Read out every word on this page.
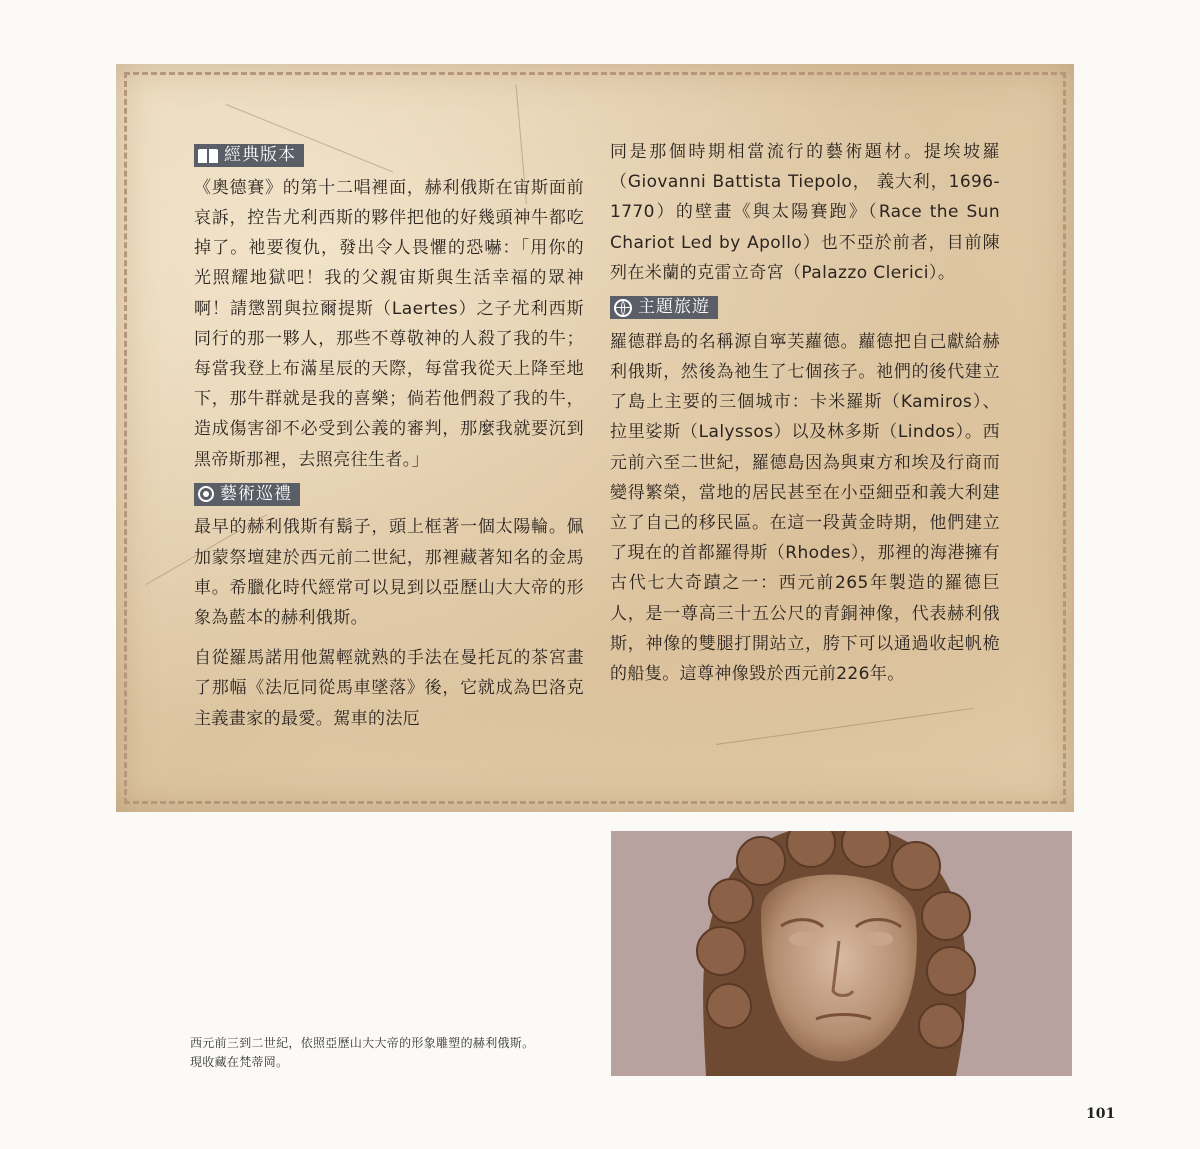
經典版本

《奧德賽》的第十二唱裡面，赫利俄斯在宙斯面前哀訴，控告尤利西斯的夥伴把他的好幾頭神牛都吃掉了。祂要復仇，發出令人畏懼的恐嚇：「用你的光照耀地獄吧！我的父親宙斯與生活幸福的眾神啊！請懲罰與拉爾提斯（Laertes）之子尤利西斯同行的那一夥人，那些不尊敬神的人殺了我的牛；每當我登上布滿星辰的天際，每當我從天上降至地下，那牛群就是我的喜樂；倘若他們殺了我的牛，造成傷害卻不必受到公義的審判，那麼我就要沉到黑帝斯那裡，去照亮往生者。」

藝術巡禮

最早的赫利俄斯有鬍子，頭上框著一個太陽輪。佩加蒙祭壇建於西元前二世紀，那裡藏著知名的金馬車。希臘化時代經常可以見到以亞歷山大大帝的形象為藍本的赫利俄斯。

自從羅馬諾用他駕輕就熟的手法在曼托瓦的茶宮畫了那幅《法厄同從馬車墜落》後，它就成為巴洛克主義畫家的最愛。駕車的法厄

同是那個時期相當流行的藝術題材。提埃坡羅（Giovanni Battista Tiepolo， 義大利，1696-1770）的壁畫《與太陽賽跑》（Race the Sun Chariot Led by Apollo）也不亞於前者，目前陳列在米蘭的克雷立奇宮（Palazzo Clerici）。

主題旅遊

羅德群島的名稱源自寧芙蘿德。蘿德把自己獻給赫利俄斯，然後為祂生了七個孩子。祂們的後代建立了島上主要的三個城市：卡米羅斯（Kamiros）、拉里娑斯（Lalyssos）以及林多斯（Lindos）。西元前六至二世紀，羅德島因為與東方和埃及行商而變得繁榮，當地的居民甚至在小亞細亞和義大利建立了自己的移民區。在這一段黃金時期，他們建立了現在的首都羅得斯（Rhodes），那裡的海港擁有古代七大奇蹟之一：西元前265年製造的羅德巨人，是一尊高三十五公尺的青銅神像，代表赫利俄斯，神像的雙腿打開站立，胯下可以通過收起帆桅的船隻。這尊神像毀於西元前226年。

西元前三到二世紀，依照亞歷山大大帝的形象雕塑的赫利俄斯。

現收藏在梵蒂岡。

101
